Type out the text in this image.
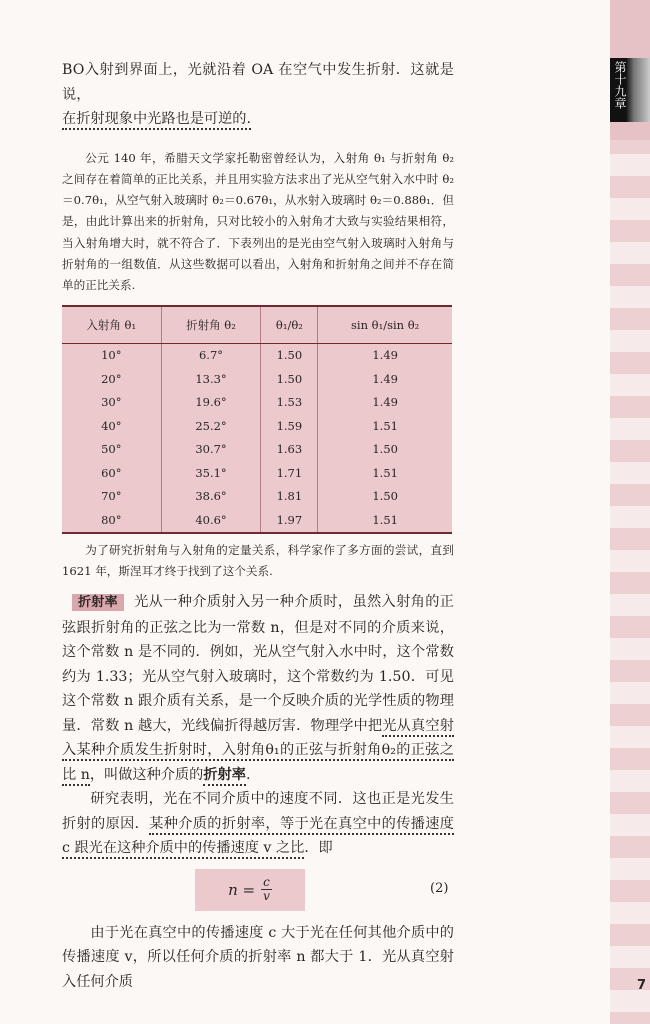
第十九章
7

BO入射到界面上，光就沿着 OA 在空气中发生折射．这就是说，
在折射现象中光路也是可逆的.

公元 140 年，希腊天文学家托勒密曾经认为，入射角 θ₁ 与折射角 θ₂ 之间存在着简单的正比关系，并且用实验方法求出了光从空气射入水中时 θ₂＝0.7θ₁，从空气射入玻璃时 θ₂＝0.67θ₁，从水射入玻璃时 θ₂＝0.88θ₁．但是，由此计算出来的折射角，只对比较小的入射角才大致与实验结果相符，当入射角增大时，就不符合了．下表列出的是光由空气射入玻璃时入射角与折射角的一组数值．从这些数据可以看出，入射角和折射角之间并不存在简单的正比关系.

入射角 θ₁	折射角 θ₂	θ₁/θ₂	sin θ₁/sin θ₂
10°	6.7°	1.50	1.49
20°	13.3°	1.50	1.49
30°	19.6°	1.53	1.49
40°	25.2°	1.59	1.51
50°	30.7°	1.63	1.50
60°	35.1°	1.71	1.51
70°	38.6°	1.81	1.50
80°	40.6°	1.97	1.51

为了研究折射角与入射角的定量关系，科学家作了多方面的尝试，直到 1621 年，斯涅耳才终于找到了这个关系.

折射率 光从一种介质射入另一种介质时，虽然入射角的正弦跟折射角的正弦之比为一常数 n，但是对不同的介质来说，这个常数 n 是不同的．例如，光从空气射入水中时，这个常数约为 1.33；光从空气射入玻璃时，这个常数约为 1.50．可见这个常数 n 跟介质有关系，是一个反映介质的光学性质的物理量．常数 n 越大，光线偏折得越厉害．物理学中把光从真空射入某种介质发生折射时，入射角θ₁的正弦与折射角θ₂的正弦之比 n，叫做这种介质的折射率.

研究表明，光在不同介质中的速度不同．这也正是光发生折射的原因．某种介质的折射率，等于光在真空中的传播速度 c 跟光在这种介质中的传播速度 v 之比．即

$n = \frac{c}{v}$	(2)

由于光在真空中的传播速度 c 大于光在任何其他介质中的传播速度 v，所以任何介质的折射率 n 都大于 1．光从真空射入任何介质
